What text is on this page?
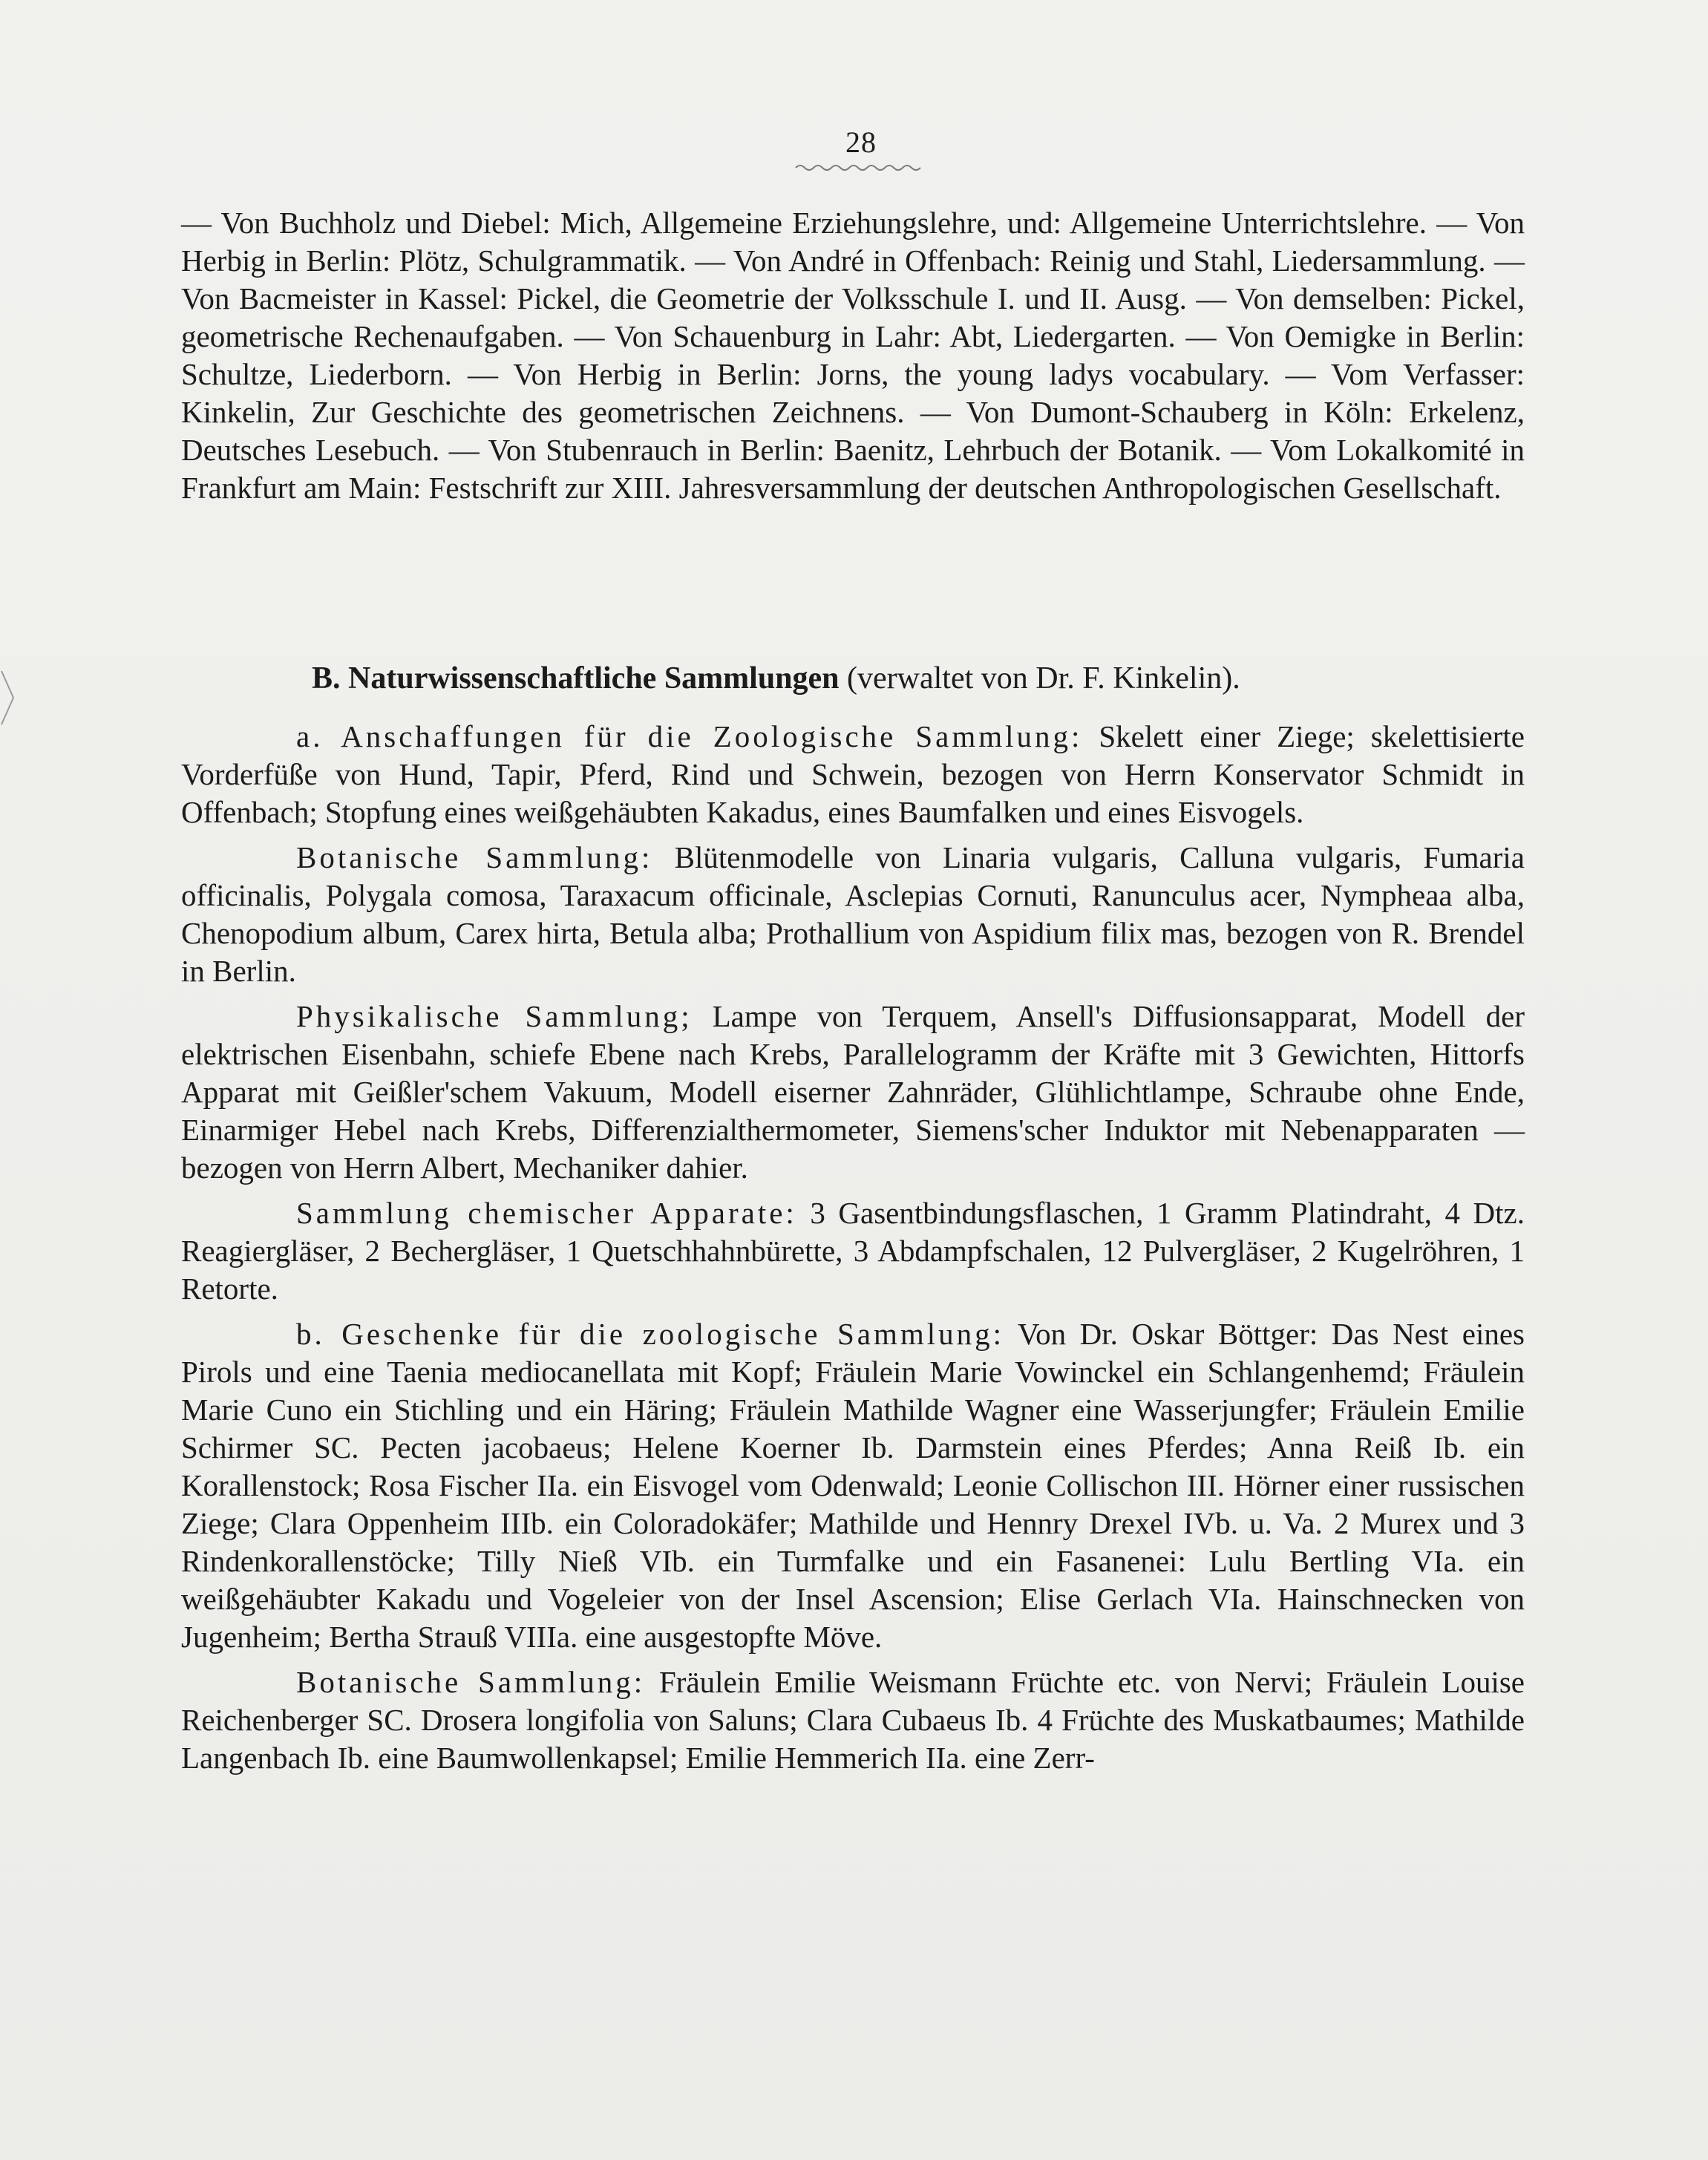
28

— Von Buchholz und Diebel: Mich, Allgemeine Erziehungslehre, und: Allgemeine Unterrichtslehre. — Von Herbig in Berlin: Plötz, Schulgrammatik. — Von André in Offenbach: Reinig und Stahl, Liedersammlung. — Von Bacmeister in Kassel: Pickel, die Geometrie der Volksschule I. und II. Ausg. — Von demselben: Pickel, geometrische Rechenaufgaben. — Von Schauenburg in Lahr: Abt, Liedergarten. — Von Oemigke in Berlin: Schultze, Liederborn. — Von Herbig in Berlin: Jorns, the young ladys vocabulary. — Vom Verfasser: Kinkelin, Zur Geschichte des geometrischen Zeichnens. — Von Dumont-Schauberg in Köln: Erkelenz, Deutsches Lesebuch. — Von Stubenrauch in Berlin: Baenitz, Lehrbuch der Botanik. — Vom Lokalkomité in Frankfurt am Main: Festschrift zur XIII. Jahresversammlung der deutschen Anthropologischen Gesellschaft.

B. Naturwissenschaftliche Sammlungen (verwaltet von Dr. F. Kinkelin).

a. Anschaffungen für die Zoologische Sammlung: Skelett einer Ziege; skelettisierte Vorderfüße von Hund, Tapir, Pferd, Rind und Schwein, bezogen von Herrn Konservator Schmidt in Offenbach; Stopfung eines weißgehäubten Kakadus, eines Baumfalken und eines Eisvogels.

Botanische Sammlung: Blütenmodelle von Linaria vulgaris, Calluna vulgaris, Fumaria officinalis, Polygala comosa, Taraxacum officinale, Asclepias Cornuti, Ranunculus acer, Nympheaa alba, Chenopodium album, Carex hirta, Betula alba; Prothallium von Aspidium filix mas, bezogen von R. Brendel in Berlin.

Physikalische Sammlung; Lampe von Terquem, Ansell's Diffusionsapparat, Modell der elektrischen Eisenbahn, schiefe Ebene nach Krebs, Parallelogramm der Kräfte mit 3 Gewichten, Hittorfs Apparat mit Geißler'schem Vakuum, Modell eiserner Zahnräder, Glühlichtlampe, Schraube ohne Ende, Einarmiger Hebel nach Krebs, Differenzialthermometer, Siemens'scher Induktor mit Nebenapparaten — bezogen von Herrn Albert, Mechaniker dahier.

Sammlung chemischer Apparate: 3 Gasentbindungsflaschen, 1 Gramm Platindraht, 4 Dtz. Reagiergläser, 2 Bechergläser, 1 Quetschhahnbürette, 3 Abdampfschalen, 12 Pulvergläser, 2 Kugelröhren, 1 Retorte.

b. Geschenke für die zoologische Sammlung: Von Dr. Oskar Böttger: Das Nest eines Pirols und eine Taenia mediocanellata mit Kopf; Fräulein Marie Vowinckel ein Schlangenhemd; Fräulein Marie Cuno ein Stichling und ein Häring; Fräulein Mathilde Wagner eine Wasserjungfer; Fräulein Emilie Schirmer SC. Pecten jacobaeus; Helene Koerner Ib. Darmstein eines Pferdes; Anna Reiß Ib. ein Korallenstock; Rosa Fischer IIa. ein Eisvogel vom Odenwald; Leonie Collischon III. Hörner einer russischen Ziege; Clara Oppenheim IIIb. ein Coloradokäfer; Mathilde und Hennry Drexel IVb. u. Va. 2 Murex und 3 Rindenkorallenstöcke; Tilly Nieß VIb. ein Turmfalke und ein Fasanenei: Lulu Bertling VIa. ein weißgehäubter Kakadu und Vogeleier von der Insel Ascension; Elise Gerlach VIa. Hainschnecken von Jugenheim; Bertha Strauß VIIIa. eine ausgestopfte Möve.

Botanische Sammlung: Fräulein Emilie Weismann Früchte etc. von Nervi; Fräulein Louise Reichenberger SC. Drosera longifolia von Saluns; Clara Cubaeus Ib. 4 Früchte des Muskatbaumes; Mathilde Langenbach Ib. eine Baumwollenkapsel; Emilie Hemmerich IIa. eine Zerr-
